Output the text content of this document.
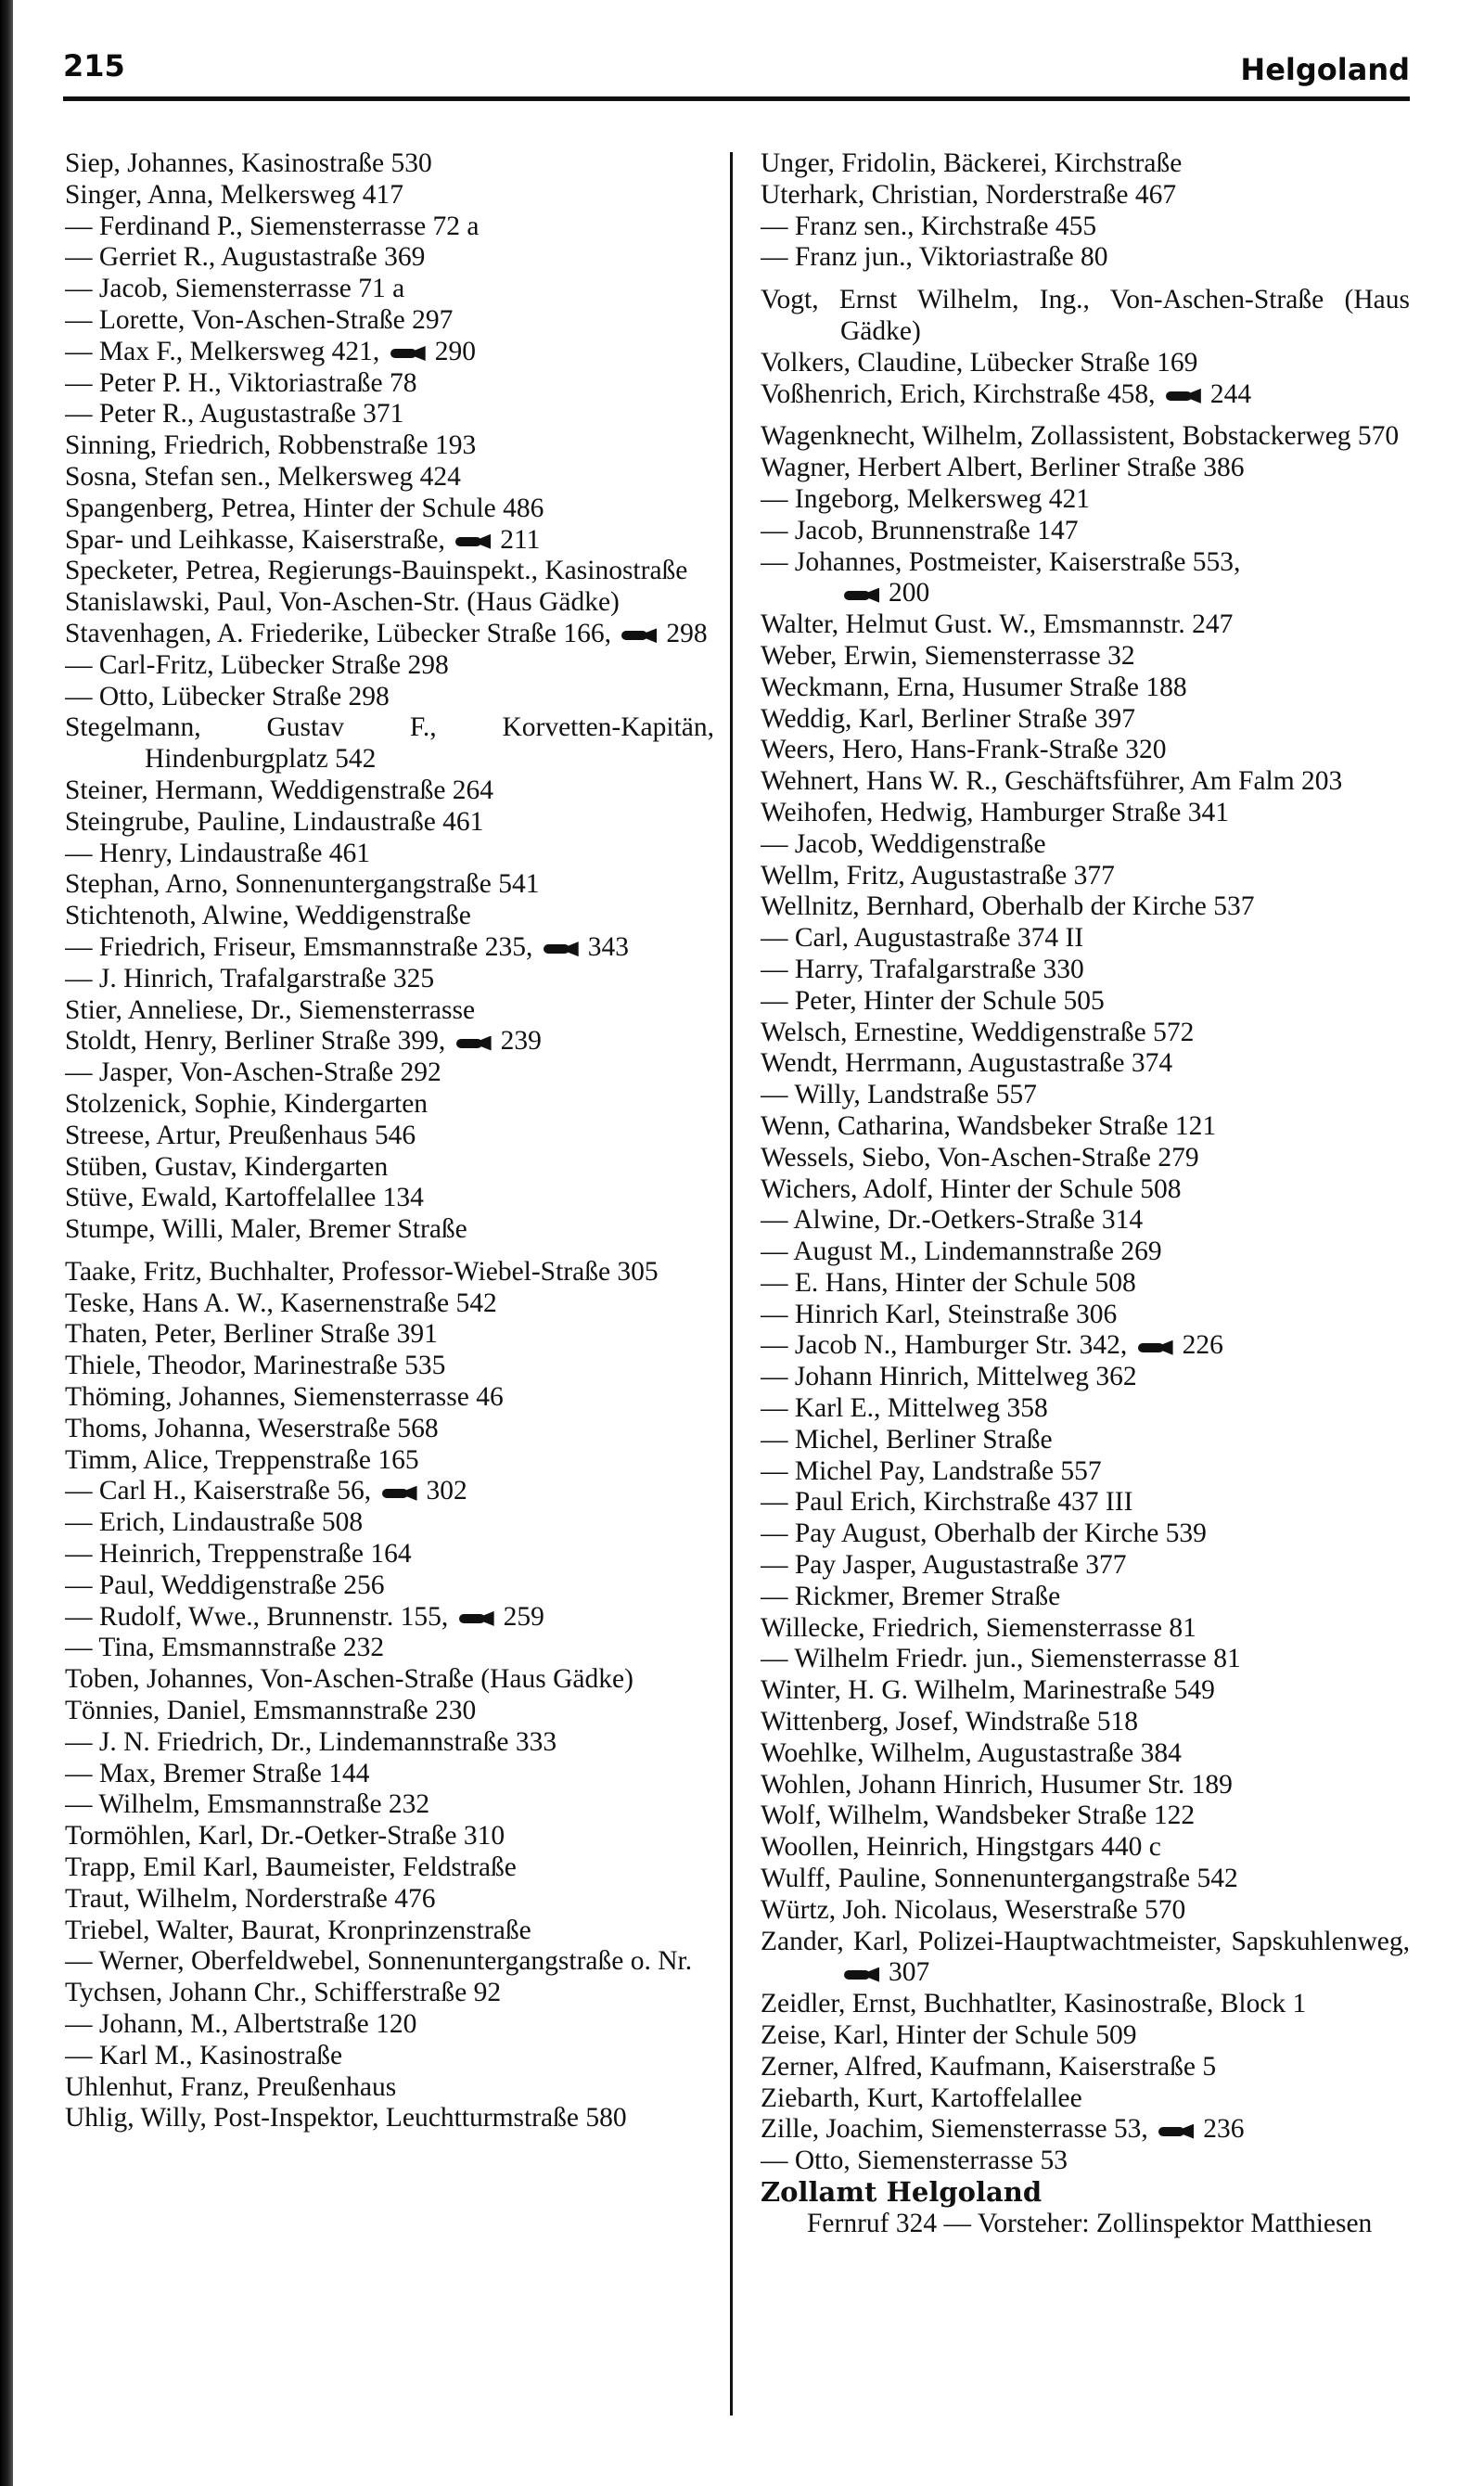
215	Helgoland

Siep, Johannes, Kasinostraße 530

Singer, Anna, Melkersweg 417

— Ferdinand P., Siemensterrasse 72 a

— Gerriet R., Augustastraße 369

— Jacob, Siemensterrasse 71 a

— Lorette, Von-Aschen-Straße 297

— Max F., Melkersweg 421, 290

— Peter P. H., Viktoriastraße 78

— Peter R., Augustastraße 371

Sinning, Friedrich, Robbenstraße 193

Sosna, Stefan sen., Melkersweg 424

Spangenberg, Petrea, Hinter der Schule 486

Spar- und Leihkasse, Kaiserstraße, 211

Specketer, Petrea, Regierungs-Bauinspekt., Kasinostraße

Stanislawski, Paul, Von-Aschen-Str. (Haus Gädke)

Stavenhagen, A. Friederike, Lübecker Straße 166, 298

— Carl-Fritz, Lübecker Straße 298

— Otto, Lübecker Straße 298

Stegelmann, Gustav F., Korvetten-Kapitän, Hindenburgplatz 542

Steiner, Hermann, Weddigenstraße 264

Steingrube, Pauline, Lindaustraße 461

— Henry, Lindaustraße 461

Stephan, Arno, Sonnenuntergangstraße 541

Stichtenoth, Alwine, Weddigenstraße

— Friedrich, Friseur, Emsmannstraße 235, 343

— J. Hinrich, Trafalgarstraße 325

Stier, Anneliese, Dr., Siemensterrasse

Stoldt, Henry, Berliner Straße 399, 239

— Jasper, Von-Aschen-Straße 292

Stolzenick, Sophie, Kindergarten

Streese, Artur, Preußenhaus 546

Stüben, Gustav, Kindergarten

Stüve, Ewald, Kartoffelallee 134

Stumpe, Willi, Maler, Bremer Straße

Taake, Fritz, Buchhalter, Professor-Wiebel-Straße 305

Teske, Hans A. W., Kasernenstraße 542

Thaten, Peter, Berliner Straße 391

Thiele, Theodor, Marinestraße 535

Thöming, Johannes, Siemensterrasse 46

Thoms, Johanna, Weserstraße 568

Timm, Alice, Treppenstraße 165

— Carl H., Kaiserstraße 56, 302

— Erich, Lindaustraße 508

— Heinrich, Treppenstraße 164

— Paul, Weddigenstraße 256

— Rudolf, Wwe., Brunnenstr. 155, 259

— Tina, Emsmannstraße 232

Toben, Johannes, Von-Aschen-Straße (Haus Gädke)

Tönnies, Daniel, Emsmannstraße 230

— J. N. Friedrich, Dr., Lindemannstraße 333

— Max, Bremer Straße 144

— Wilhelm, Emsmannstraße 232

Tormöhlen, Karl, Dr.-Oetker-Straße 310

Trapp, Emil Karl, Baumeister, Feldstraße

Traut, Wilhelm, Norderstraße 476

Triebel, Walter, Baurat, Kronprinzenstraße

— Werner, Oberfeldwebel, Sonnenuntergangstraße o. Nr.

Tychsen, Johann Chr., Schifferstraße 92

— Johann, M., Albertstraße 120

— Karl M., Kasinostraße

Uhlenhut, Franz, Preußenhaus

Uhlig, Willy, Post-Inspektor, Leuchtturmstraße 580

Unger, Fridolin, Bäckerei, Kirchstraße

Uterhark, Christian, Norderstraße 467

— Franz sen., Kirchstraße 455

— Franz jun., Viktoriastraße 80

Vogt, Ernst Wilhelm, Ing., Von-Aschen-Straße (Haus Gädke)

Volkers, Claudine, Lübecker Straße 169

Voßhenrich, Erich, Kirchstraße 458, 244

Wagenknecht, Wilhelm, Zollassistent, Bobstackerweg 570

Wagner, Herbert Albert, Berliner Straße 386

— Ingeborg, Melkersweg 421

— Jacob, Brunnenstraße 147

— Johannes, Postmeister, Kaiserstraße 553,
200

Walter, Helmut Gust. W., Emsmannstr. 247

Weber, Erwin, Siemensterrasse 32

Weckmann, Erna, Husumer Straße 188

Weddig, Karl, Berliner Straße 397

Weers, Hero, Hans-Frank-Straße 320

Wehnert, Hans W. R., Geschäftsführer, Am Falm 203

Weihofen, Hedwig, Hamburger Straße 341

— Jacob, Weddigenstraße

Wellm, Fritz, Augustastraße 377

Wellnitz, Bernhard, Oberhalb der Kirche 537

— Carl, Augustastraße 374 II

— Harry, Trafalgarstraße 330

— Peter, Hinter der Schule 505

Welsch, Ernestine, Weddigenstraße 572

Wendt, Herrmann, Augustastraße 374

— Willy, Landstraße 557

Wenn, Catharina, Wandsbeker Straße 121

Wessels, Siebo, Von-Aschen-Straße 279

Wichers, Adolf, Hinter der Schule 508

— Alwine, Dr.-Oetkers-Straße 314

— August M., Lindemannstraße 269

— E. Hans, Hinter der Schule 508

— Hinrich Karl, Steinstraße 306

— Jacob N., Hamburger Str. 342, 226

— Johann Hinrich, Mittelweg 362

— Karl E., Mittelweg 358

— Michel, Berliner Straße

— Michel Pay, Landstraße 557

— Paul Erich, Kirchstraße 437 III

— Pay August, Oberhalb der Kirche 539

— Pay Jasper, Augustastraße 377

— Rickmer, Bremer Straße

Willecke, Friedrich, Siemensterrasse 81

— Wilhelm Friedr. jun., Siemensterrasse 81

Winter, H. G. Wilhelm, Marinestraße 549

Wittenberg, Josef, Windstraße 518

Woehlke, Wilhelm, Augustastraße 384

Wohlen, Johann Hinrich, Husumer Str. 189

Wolf, Wilhelm, Wandsbeker Straße 122

Woollen, Heinrich, Hingstgars 440 c

Wulff, Pauline, Sonnenuntergangstraße 542

Würtz, Joh. Nicolaus, Weserstraße 570

Zander, Karl, Polizei-Hauptwachtmeister, Sapskuhlenweg, 307

Zeidler, Ernst, Buchhatlter, Kasinostraße, Block 1

Zeise, Karl, Hinter der Schule 509

Zerner, Alfred, Kaufmann, Kaiserstraße 5

Ziebarth, Kurt, Kartoffelallee

Zille, Joachim, Siemensterrasse 53, 236

— Otto, Siemensterrasse 53

Zollamt Helgoland

Fernruf 324 — Vorsteher: Zollinspektor Matthiesen
